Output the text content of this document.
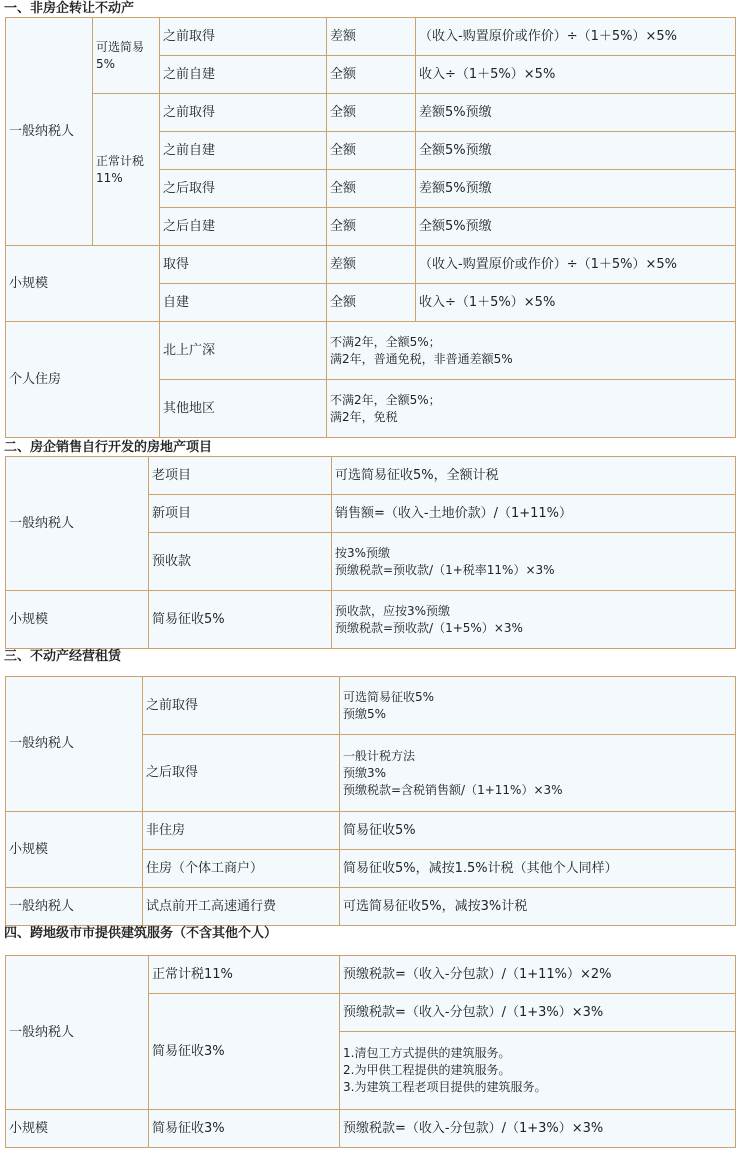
一、非房企转让不动产
一般纳税人	可选简易5%	之前取得	差额	（收入-购置原价或作价）÷（1＋5%）×5%
		之前自建	全额	收入÷（1＋5%）×5%
	正常计税11%	之前取得	全额	差额5%预缴
		之前自建	全额	全额5%预缴
		之后取得	全额	差额5%预缴
		之后自建	全额	全额5%预缴
小规模		取得	差额	（收入-购置原价或作价）÷（1＋5%）×5%
		自建	全额	收入÷（1＋5%）×5%
个人住房		北上广深	不满2年，全额5%；
满2年，普通免税，非普通差额5%	

		其他地区	不满2年，全额5%；
满2年，免税	
二、房企销售自行开发的房地产项目
一般纳税人	老项目	可选简易征收5%，全额计税
	新项目	销售额=（收入-土地价款）/（1+11%）
	预收款	按3%预缴
预缴税款=预收款/（1+税率11%）×3%

小规模	简易征收5%	预收款，应按3%预缴
预缴税款=预收款/（1+5%）×3%
三、不动产经营租赁
一般纳税人	之前取得	可选简易征收5%
预缴5%

	之后取得	一般计税方法
预缴3%
预缴税款=含税销售额/（1+11%）×3%

小规模	非住房	简易征收5%
	住房（个体工商户）	简易征收5%，减按1.5%计税（其他个人同样）
一般纳税人	试点前开工高速通行费	可选简易征收5%，减按3%计税
四、跨地级市市提供建筑服务（不含其他个人）
一般纳税人	正常计税11%	预缴税款=（收入-分包款）/（1+11%）×2%
	简易征收3%	预缴税款=（收入-分包款）/（1+3%）×3%

		1.清包工方式提供的建筑服务。
2.为甲供工程提供的建筑服务。
3.为建筑工程老项目提供的建筑服务。

小规模	简易征收3%	预缴税款=（收入-分包款）/（1+3%）×3%
